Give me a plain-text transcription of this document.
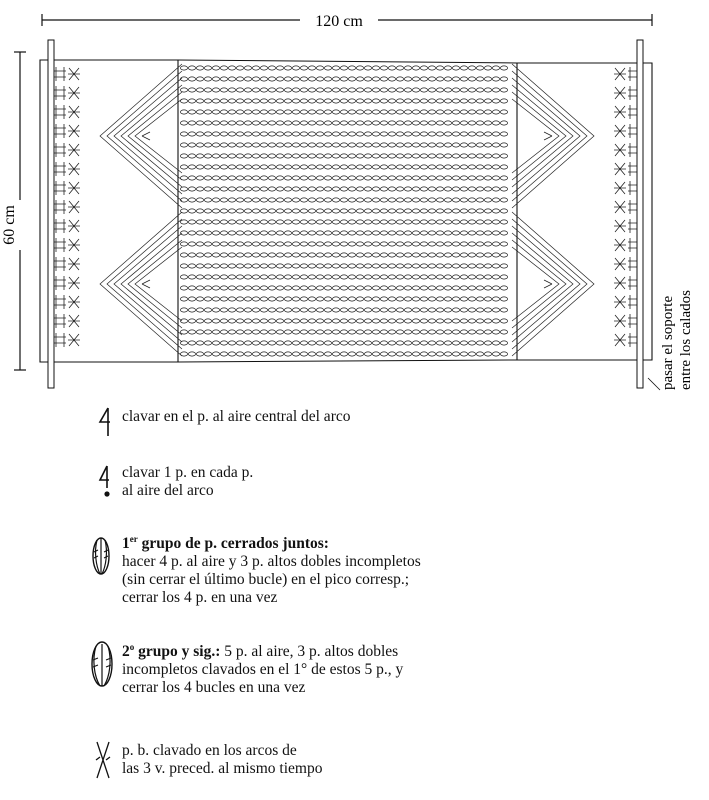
120 cm
60 cm
pasar el soporte entre los calados
clavar en el p. al aire central del arco
clavar 1 p. en cada p.
al aire del arco
1er grupo de p. cerrados juntos:
hacer 4 p. al aire y 3 p. altos dobles incompletos
(sin cerrar el último bucle) en el pico corresp.;
cerrar los 4 p. en una vez
2$^o$ grupo y sig.: 5 p. al aire, 3 p. altos dobles
incompletos clavados en el 1° de estos 5 p., y
cerrar los 4 bucles en una vez
p. b. clavado en los arcos de
las 3 v. preced. al mismo tiempo
